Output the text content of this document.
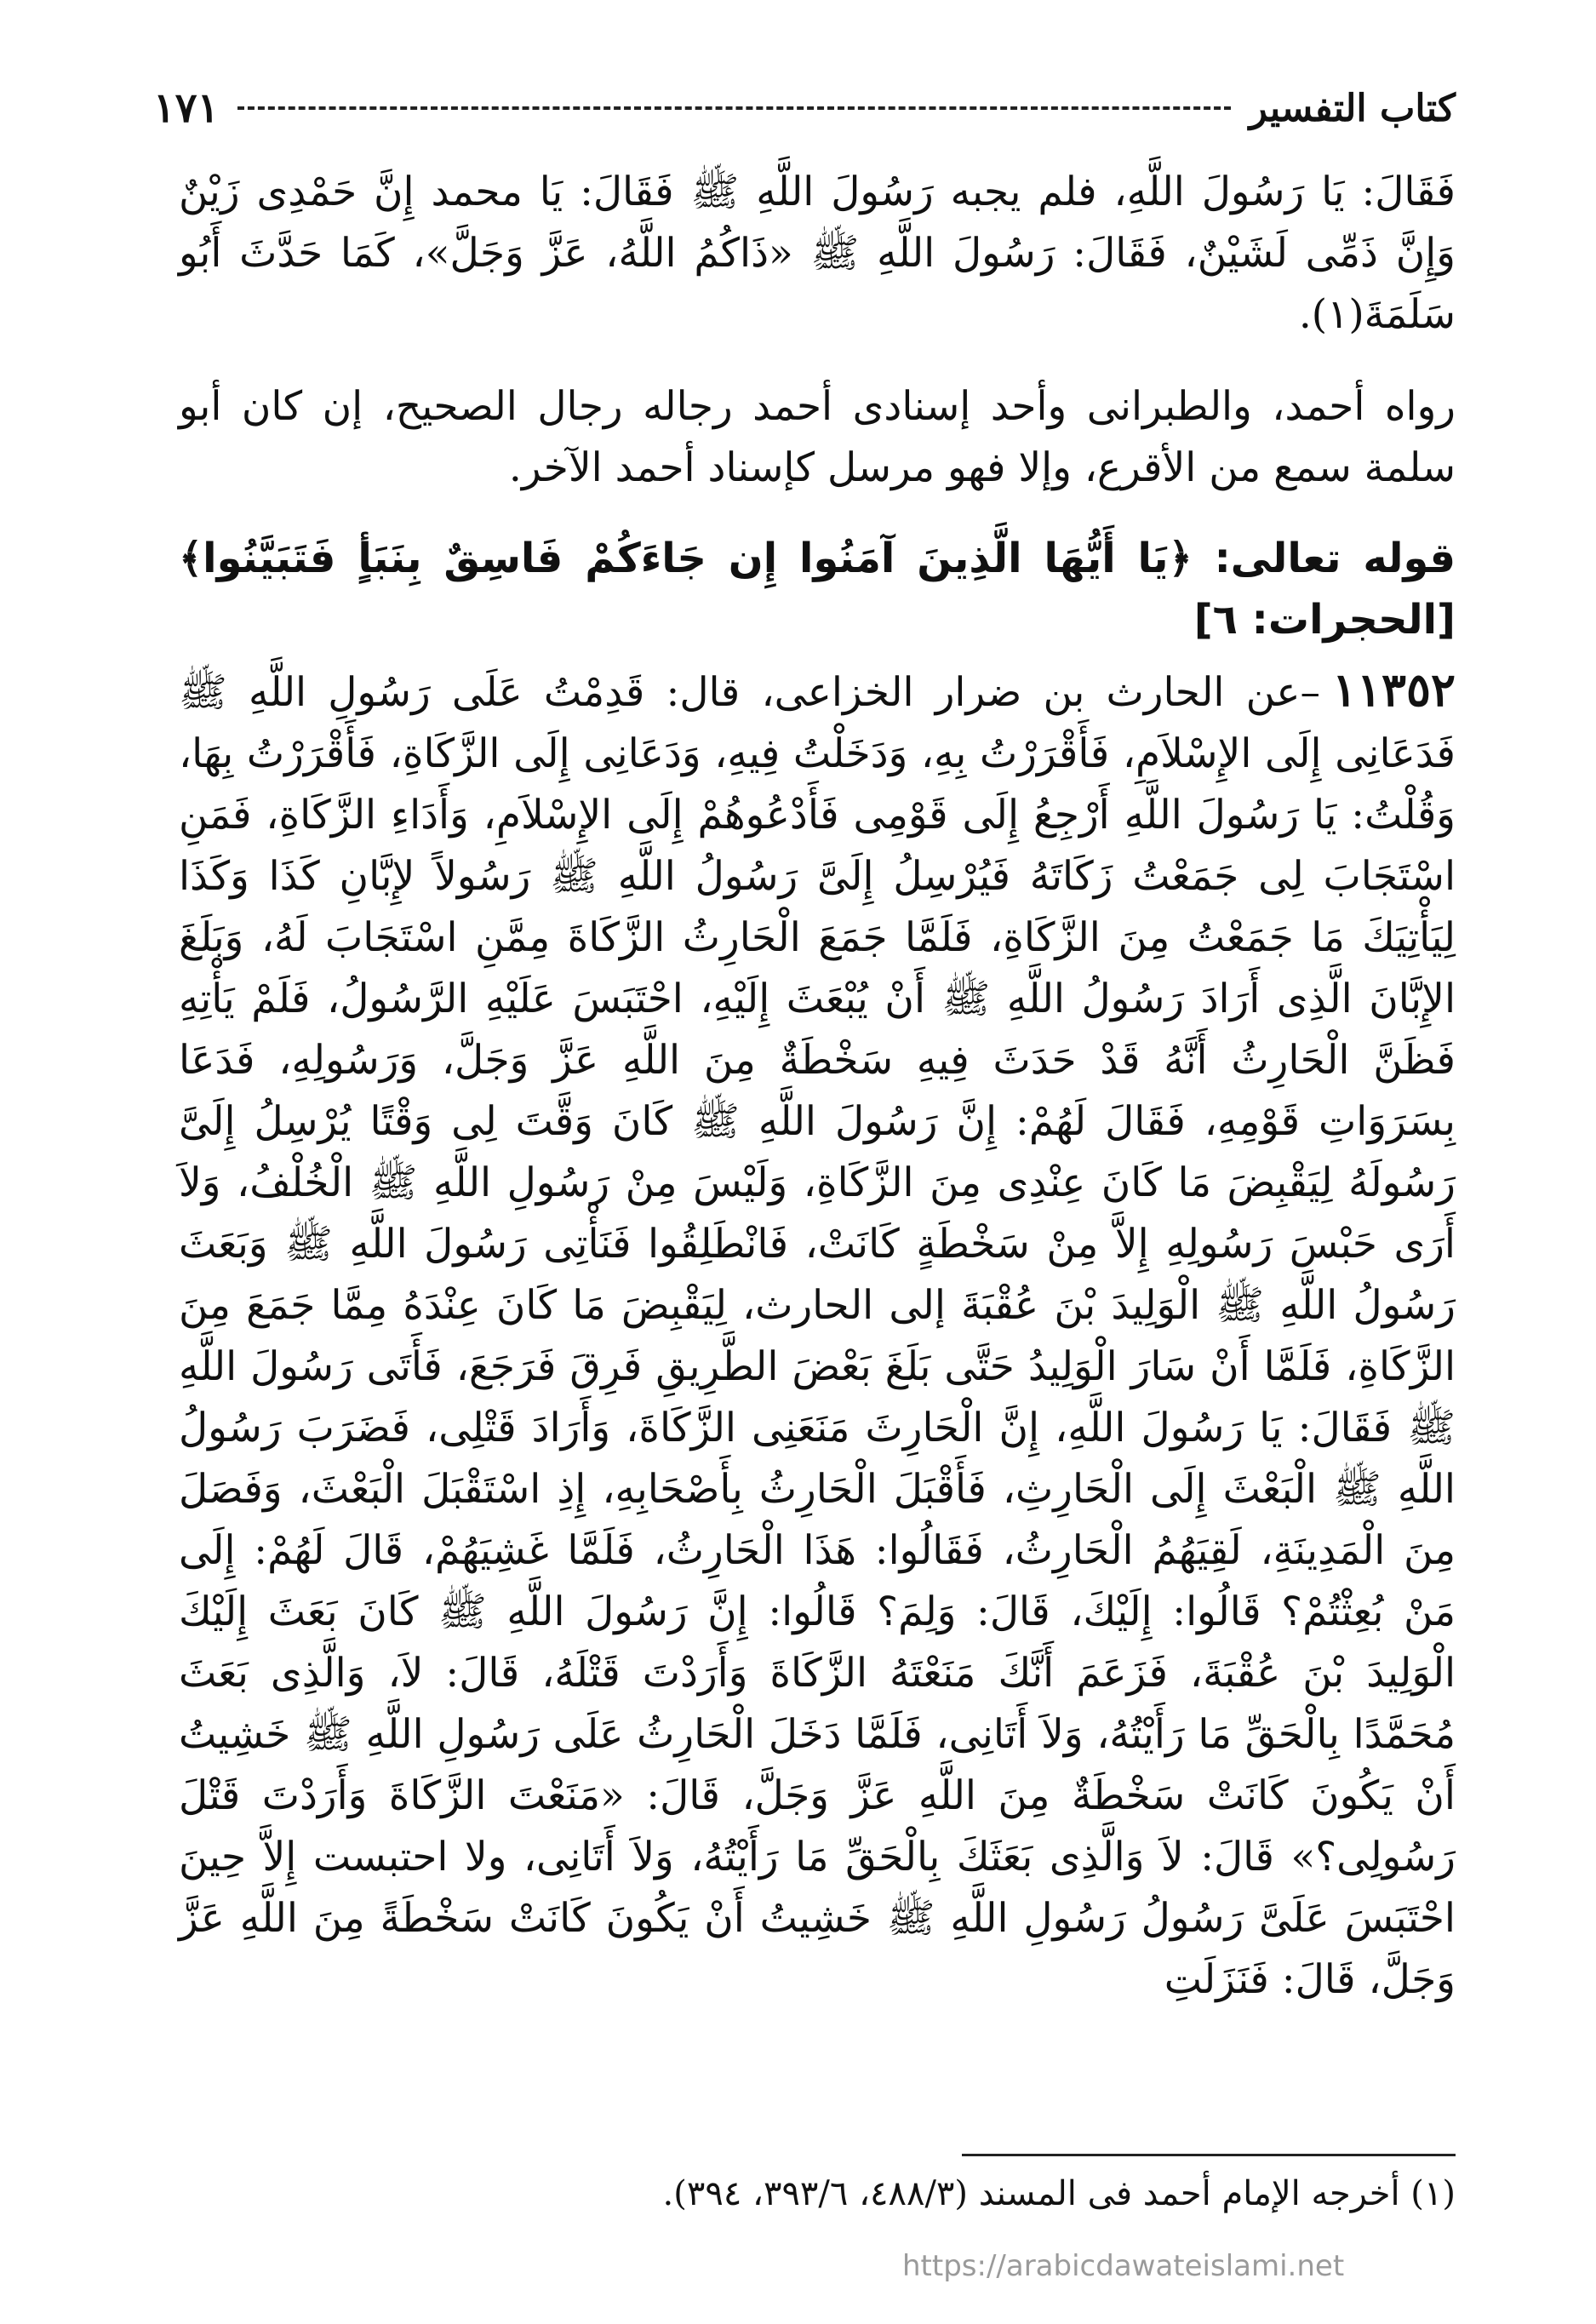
كتاب التفسير
١٧١

فَقَالَ: يَا رَسُولَ اللَّهِ، فلم يجبه رَسُولَ اللَّهِ ﷺ فَقَالَ: يَا محمد إِنَّ حَمْدِى زَيْنٌ وَإِنَّ ذَمِّى لَشَيْنٌ، فَقَالَ: رَسُولَ اللَّهِ ﷺ «ذَاكُمُ اللَّهُ، عَزَّ وَجَلَّ»، كَمَا حَدَّثَ أَبُو سَلَمَةَ(١).

رواه أحمد، والطبرانى وأحد إسنادى أحمد رجاله رجال الصحيح، إن كان أبو سلمة سمع من الأقرع، وإلا فهو مرسل كإسناد أحمد الآخر.

قوله تعالى: ﴿يَا أَيُّهَا الَّذِينَ آمَنُوا إِن جَاءَكُمْ فَاسِقٌ بِنَبَأٍ فَتَبَيَّنُوا﴾ [الحجرات: ٦]

١١٣٥٢–عن الحارث بن ضرار الخزاعى، قال: قَدِمْتُ عَلَى رَسُولِ اللَّهِ ﷺ فَدَعَانِى إِلَى الإِسْلاَمِ، فَأَقْرَرْتُ بِهِ، وَدَخَلْتُ فِيهِ، وَدَعَانِى إِلَى الزَّكَاةِ، فَأَقْرَرْتُ بِهَا، وَقُلْتُ: يَا رَسُولَ اللَّهِ أَرْجِعُ إِلَى قَوْمِى فَأَدْعُوهُمْ إِلَى الإِسْلاَمِ، وَأَدَاءِ الزَّكَاةِ، فَمَنِ اسْتَجَابَ لِى جَمَعْتُ زَكَاتَهُ فَيُرْسِلُ إِلَىَّ رَسُولُ اللَّهِ ﷺ رَسُولاً لإِبَّانِ كَذَا وَكَذَا لِيَأْتِيَكَ مَا جَمَعْتُ مِنَ الزَّكَاةِ، فَلَمَّا جَمَعَ الْحَارِثُ الزَّكَاةَ مِمَّنِ اسْتَجَابَ لَهُ، وَبَلَغَ الإِبَّانَ الَّذِى أَرَادَ رَسُولُ اللَّهِ ﷺ أَنْ يُبْعَثَ إِلَيْهِ، احْتَبَسَ عَلَيْهِ الرَّسُولُ، فَلَمْ يَأْتِهِ فَظَنَّ الْحَارِثُ أَنَّهُ قَدْ حَدَثَ فِيهِ سَخْطَةٌ مِنَ اللَّهِ عَزَّ وَجَلَّ، وَرَسُولِهِ، فَدَعَا بِسَرَوَاتِ قَوْمِهِ، فَقَالَ لَهُمْ: إِنَّ رَسُولَ اللَّهِ ﷺ كَانَ وَقَّتَ لِى وَقْتًا يُرْسِلُ إِلَىَّ رَسُولَهُ لِيَقْبِضَ مَا كَانَ عِنْدِى مِنَ الزَّكَاةِ، وَلَيْسَ مِنْ رَسُولِ اللَّهِ ﷺ الْخُلْفُ، وَلاَ أَرَى حَبْسَ رَسُولِهِ إِلاَّ مِنْ سَخْطَةٍ كَانَتْ، فَانْطَلِقُوا فَنَأْتِى رَسُولَ اللَّهِ ﷺ وَبَعَثَ رَسُولُ اللَّهِ ﷺ الْوَلِيدَ بْنَ عُقْبَةَ إلى الحارث، لِيَقْبِضَ مَا كَانَ عِنْدَهُ مِمَّا جَمَعَ مِنَ الزَّكَاةِ، فَلَمَّا أَنْ سَارَ الْوَلِيدُ حَتَّى بَلَغَ بَعْضَ الطَّرِيقِ فَرِقَ فَرَجَعَ، فَأَتَى رَسُولَ اللَّهِ ﷺ فَقَالَ: يَا رَسُولَ اللَّهِ، إِنَّ الْحَارِثَ مَنَعَنِى الزَّكَاةَ، وَأَرَادَ قَتْلِى، فَضَرَبَ رَسُولُ اللَّهِ ﷺ الْبَعْثَ إِلَى الْحَارِثِ، فَأَقْبَلَ الْحَارِثُ بِأَصْحَابِهِ، إِذِ اسْتَقْبَلَ الْبَعْثَ، وَفَصَلَ مِنَ الْمَدِينَةِ، لَقِيَهُمُ الْحَارِثُ، فَقَالُوا: هَذَا الْحَارِثُ، فَلَمَّا غَشِيَهُمْ، قَالَ لَهُمْ: إِلَى مَنْ بُعِثْتُمْ؟ قَالُوا: إِلَيْكَ، قَالَ: وَلِمَ؟ قَالُوا: إِنَّ رَسُولَ اللَّهِ ﷺ كَانَ بَعَثَ إِلَيْكَ الْوَلِيدَ بْنَ عُقْبَةَ، فَزَعَمَ أَنَّكَ مَنَعْتَهُ الزَّكَاةَ وَأَرَدْتَ قَتْلَهُ، قَالَ: لاَ، وَالَّذِى بَعَثَ مُحَمَّدًا بِالْحَقِّ مَا رَأَيْتُهُ، وَلاَ أَتَانِى، فَلَمَّا دَخَلَ الْحَارِثُ عَلَى رَسُولِ اللَّهِ ﷺ خَشِيتُ أَنْ يَكُونَ كَانَتْ سَخْطَةٌ مِنَ اللَّهِ عَزَّ وَجَلَّ، قَالَ: «مَنَعْتَ الزَّكَاةَ وَأَرَدْتَ قَتْلَ رَسُولِى؟» قَالَ: لاَ وَالَّذِى بَعَثَكَ بِالْحَقِّ مَا رَأَيْتُهُ، وَلاَ أَتَانِى، ولا احتبست إِلاَّ حِينَ احْتَبَسَ عَلَىَّ رَسُولُ رَسُولِ اللَّهِ ﷺ خَشِيتُ أَنْ يَكُونَ كَانَتْ سَخْطَةً مِنَ اللَّهِ عَزَّ وَجَلَّ، قَالَ: فَنَزَلَتِ

(١) أخرجه الإمام أحمد فى المسند (٤٨٨/٣، ٣٩٣/٦، ٣٩٤).
https://arabicdawateislami.net
